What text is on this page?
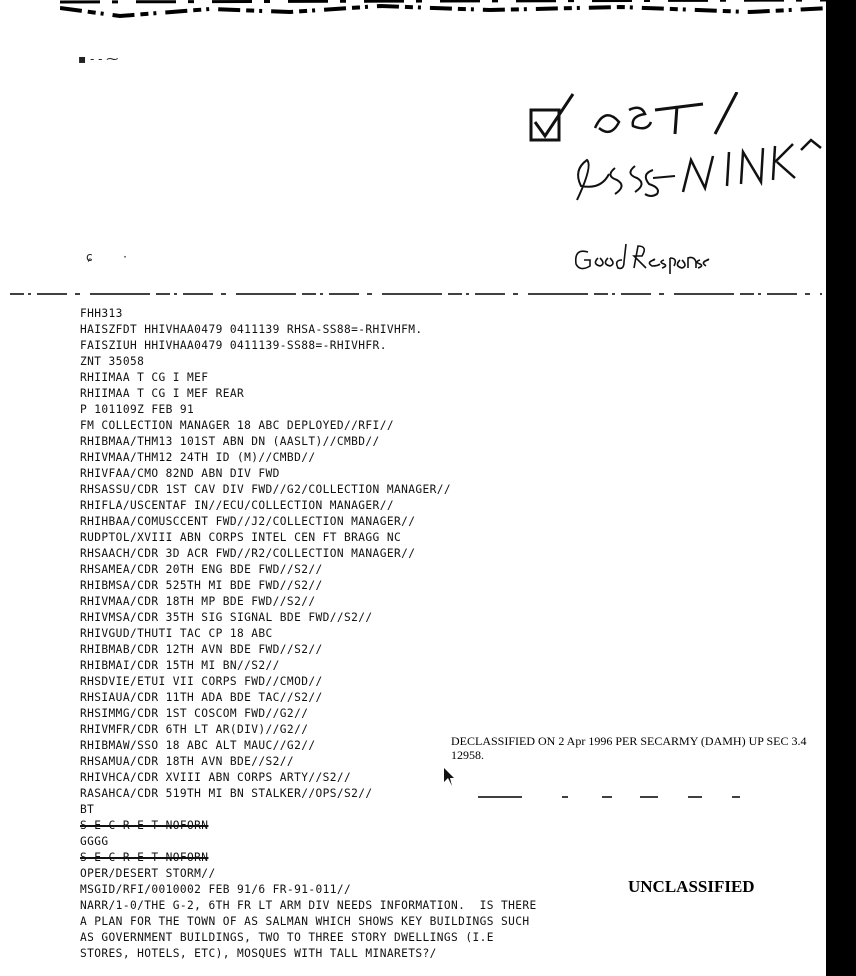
▪ ‐ ‐ ⁓
ɕ        ·
☑ POST /
Good Response.
FHH313
HAISZFDT HHIVHAA0479 0411139 RHSA-SS88=-RHIVHFM.
FAISZIUH HHIVHAA0479 0411139-SS88=-RHIVHFR.
ZNT 35058
RHIIMAA T CG I MEF
RHIIMAA T CG I MEF REAR
P 101109Z FEB 91
FM COLLECTION MANAGER 18 ABC DEPLOYED//RFI//
RHIBMAA/THM13 101ST ABN DN (AASLT)//CMBD//
RHIVMAA/THM12 24TH ID (M)//CMBD//
RHIVFAA/CMO 82ND ABN DIV FWD
RHSASSU/CDR 1ST CAV DIV FWD//G2/COLLECTION MANAGER//
RHIFLA/USCENTAF IN//ECU/COLLECTION MANAGER//
RHIHBAA/COMUSCCENT FWD//J2/COLLECTION MANAGER//
RUDPTOL/XVIII ABN CORPS INTEL CEN FT BRAGG NC
RHSAACH/CDR 3D ACR FWD//R2/COLLECTION MANAGER//
RHSAMEA/CDR 20TH ENG BDE FWD//S2//
RHIBMSA/CDR 525TH MI BDE FWD//S2//
RHIVMAA/CDR 18TH MP BDE FWD//S2//
RHIVMSA/CDR 35TH SIG SIGNAL BDE FWD//S2//
RHIVGUD/THUTI TAC CP 18 ABC
RHIBMAB/CDR 12TH AVN BDE FWD//S2//
RHIBMAI/CDR 15TH MI BN//S2//
RHSDVIE/ETUI VII CORPS FWD//CMOD//
RHSIAUA/CDR 11TH ADA BDE TAC//S2//
RHSIMMG/CDR 1ST COSCOM FWD//G2//
RHIVMFR/CDR 6TH LT AR(DIV)//G2//
RHIBMAW/SSO 18 ABC ALT MAUC//G2//
RHSAMUA/CDR 18TH AVN BDE//S2//
RHIVHCA/CDR XVIII ABN CORPS ARTY//S2//
RASAHCA/CDR 519TH MI BN STALKER//OPS/S2//
BT
S E C R E T NOFORN
GGGG
S E C R E T NOFORN
OPER/DESERT STORM//
MSGID/RFI/0010002 FEB 91/6 FR-91-011//
NARR/1-0/THE G-2, 6TH FR LT ARM DIV NEEDS INFORMATION.  IS THERE
A PLAN FOR THE TOWN OF AS SALMAN WHICH SHOWS KEY BUILDINGS SUCH
AS GOVERNMENT BUILDINGS, TWO TO THREE STORY DWELLINGS (I.E
STORES, HOTELS, ETC), MOSQUES WITH TALL MINARETS?/
DECLASSIFIED ON 2 Apr 1996 PER SECARMY (DAMH) UP SEC 3.4 12958.
UNCLASSIFIED
